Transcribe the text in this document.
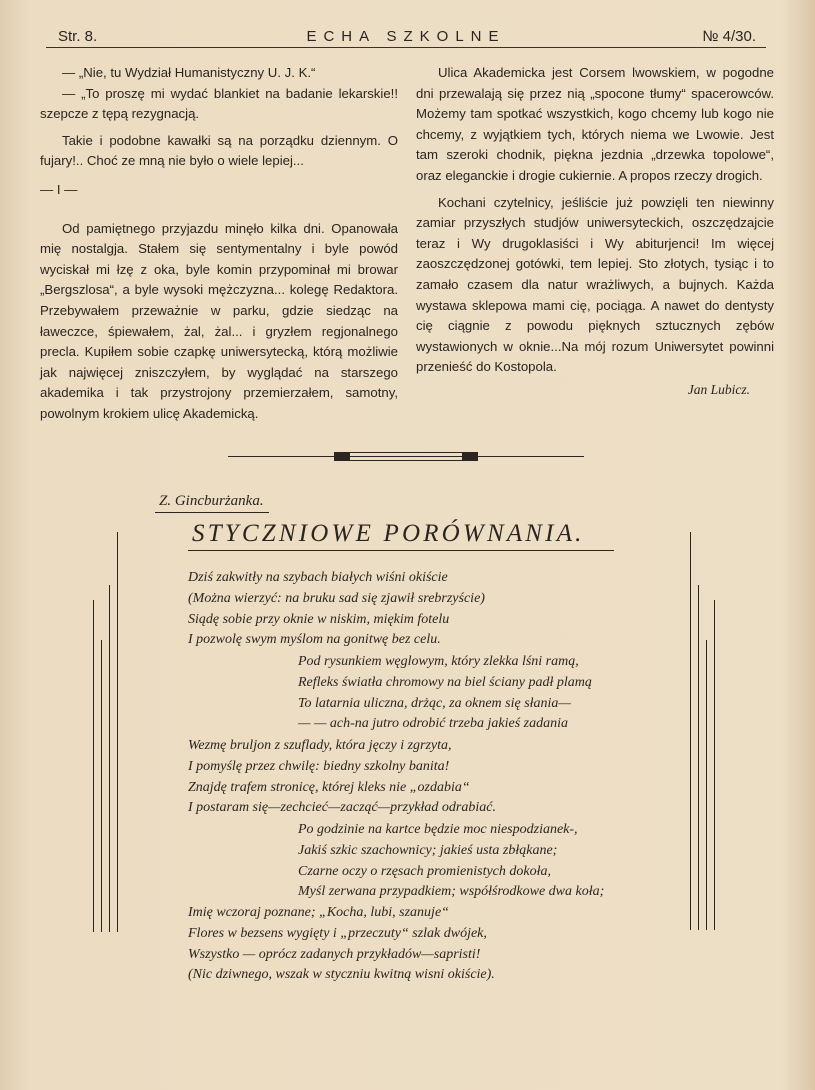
Str. 8.	ECHA SZKOLNE	№ 4/30.

— „Nie, tu Wydział Humanistyczny U. J. K.“

— „To proszę mi wydać blankiet na badanie lekarskie!! szepcze z tępą rezygnacją.

Takie i podobne kawałki są na porządku dziennym. O fujary!.. Choć ze mną nie było o wiele lepiej...

— I —

Od pamiętnego przyjazdu minęło kilka dni. Opanowała mię nostalgja. Stałem się sentymentalny i byle powód wyciskał mi łzę z oka, byle komin przypominał mi browar „Bergszlosa“, a byle wysoki mężczyzna... kolegę Redaktora. Przebywałem przeważnie w parku, gdzie siedząc na ławeczce, śpiewałem, żal, żal... i gryzłem regjonalnego precla. Kupiłem sobie czapkę uniwersytecką, którą możliwie jak najwięcej zniszczyłem, by wyglądać na starszego akademika i tak przystrojony przemierzałem, samotny, powolnym krokiem ulicę Akademicką.

Ulica Akademicka jest Corsem lwowskiem, w pogodne dni przewalają się przez nią „spocone tłumy“ spacerowców. Możemy tam spotkać wszystkich, kogo chcemy lub kogo nie chcemy, z wyjątkiem tych, których niema we Lwowie. Jest tam szeroki chodnik, piękna jezdnia „drzewka topolowe“, oraz eleganckie i drogie cukiernie. A propos rzeczy drogich.

Kochani czytelnicy, jeśliście już powzięli ten niewinny zamiar przyszłych studjów uniwersyteckich, oszczędzajcie teraz i Wy drugoklasiści i Wy abiturjenci! Im więcej zaoszczędzonej gotówki, tem lepiej. Sto złotych, tysiąc i to zamało czasem dla natur wrażliwych, a bujnych. Każda wystawa sklepowa mami cię, pociąga. A nawet do dentysty cię ciągnie z powodu pięknych sztucznych zębów wystawionych w oknie...Na mój rozum Uniwersytet powinni przenieść do Kostopola.

Jan Lubicz.

Z. Gincburżanka.
STYCZNIOWE PORÓWNANIA.
Dziś zakwitły na szybach białych wiśni okiście
(Można wierzyć: na bruku sad się zjawił srebrzyście)
Siądę sobie przy oknie w niskim, miękim fotelu
I pozwolę swym myślom na gonitwę bez celu.
Pod rysunkiem węglowym, który zlekka lśni ramą,
Refleks światła chromowy na biel ściany padł plamą
To latarnia uliczna, drżąc, za oknem się słania—
— — ach-na jutro odrobić trzeba jakieś zadania
Wezmę bruljon z szuflady, która jęczy i zgrzyta,
I pomyślę przez chwilę: biedny szkolny banita!
Znajdę trafem stronicę, której kleks nie „ozdabia“
I postaram się—zechcieć—zacząć—przykład odrabiać.
Po godzinie na kartce będzie moc niespodzianek-,
Jakiś szkic szachownicy; jakieś usta zbłąkane;
Czarne oczy o rzęsach promienistych dokoła,
Myśl zerwana przypadkiem; współśrodkowe dwa koła;
Imię wczoraj poznane; „Kocha, lubi, szanuje“
Flores w bezsens wygięty i „przeczuty“ szlak dwójek,
Wszystko — oprócz zadanych przykładów—sapristi!
(Nic dziwnego, wszak w styczniu kwitną wisni okiście).
